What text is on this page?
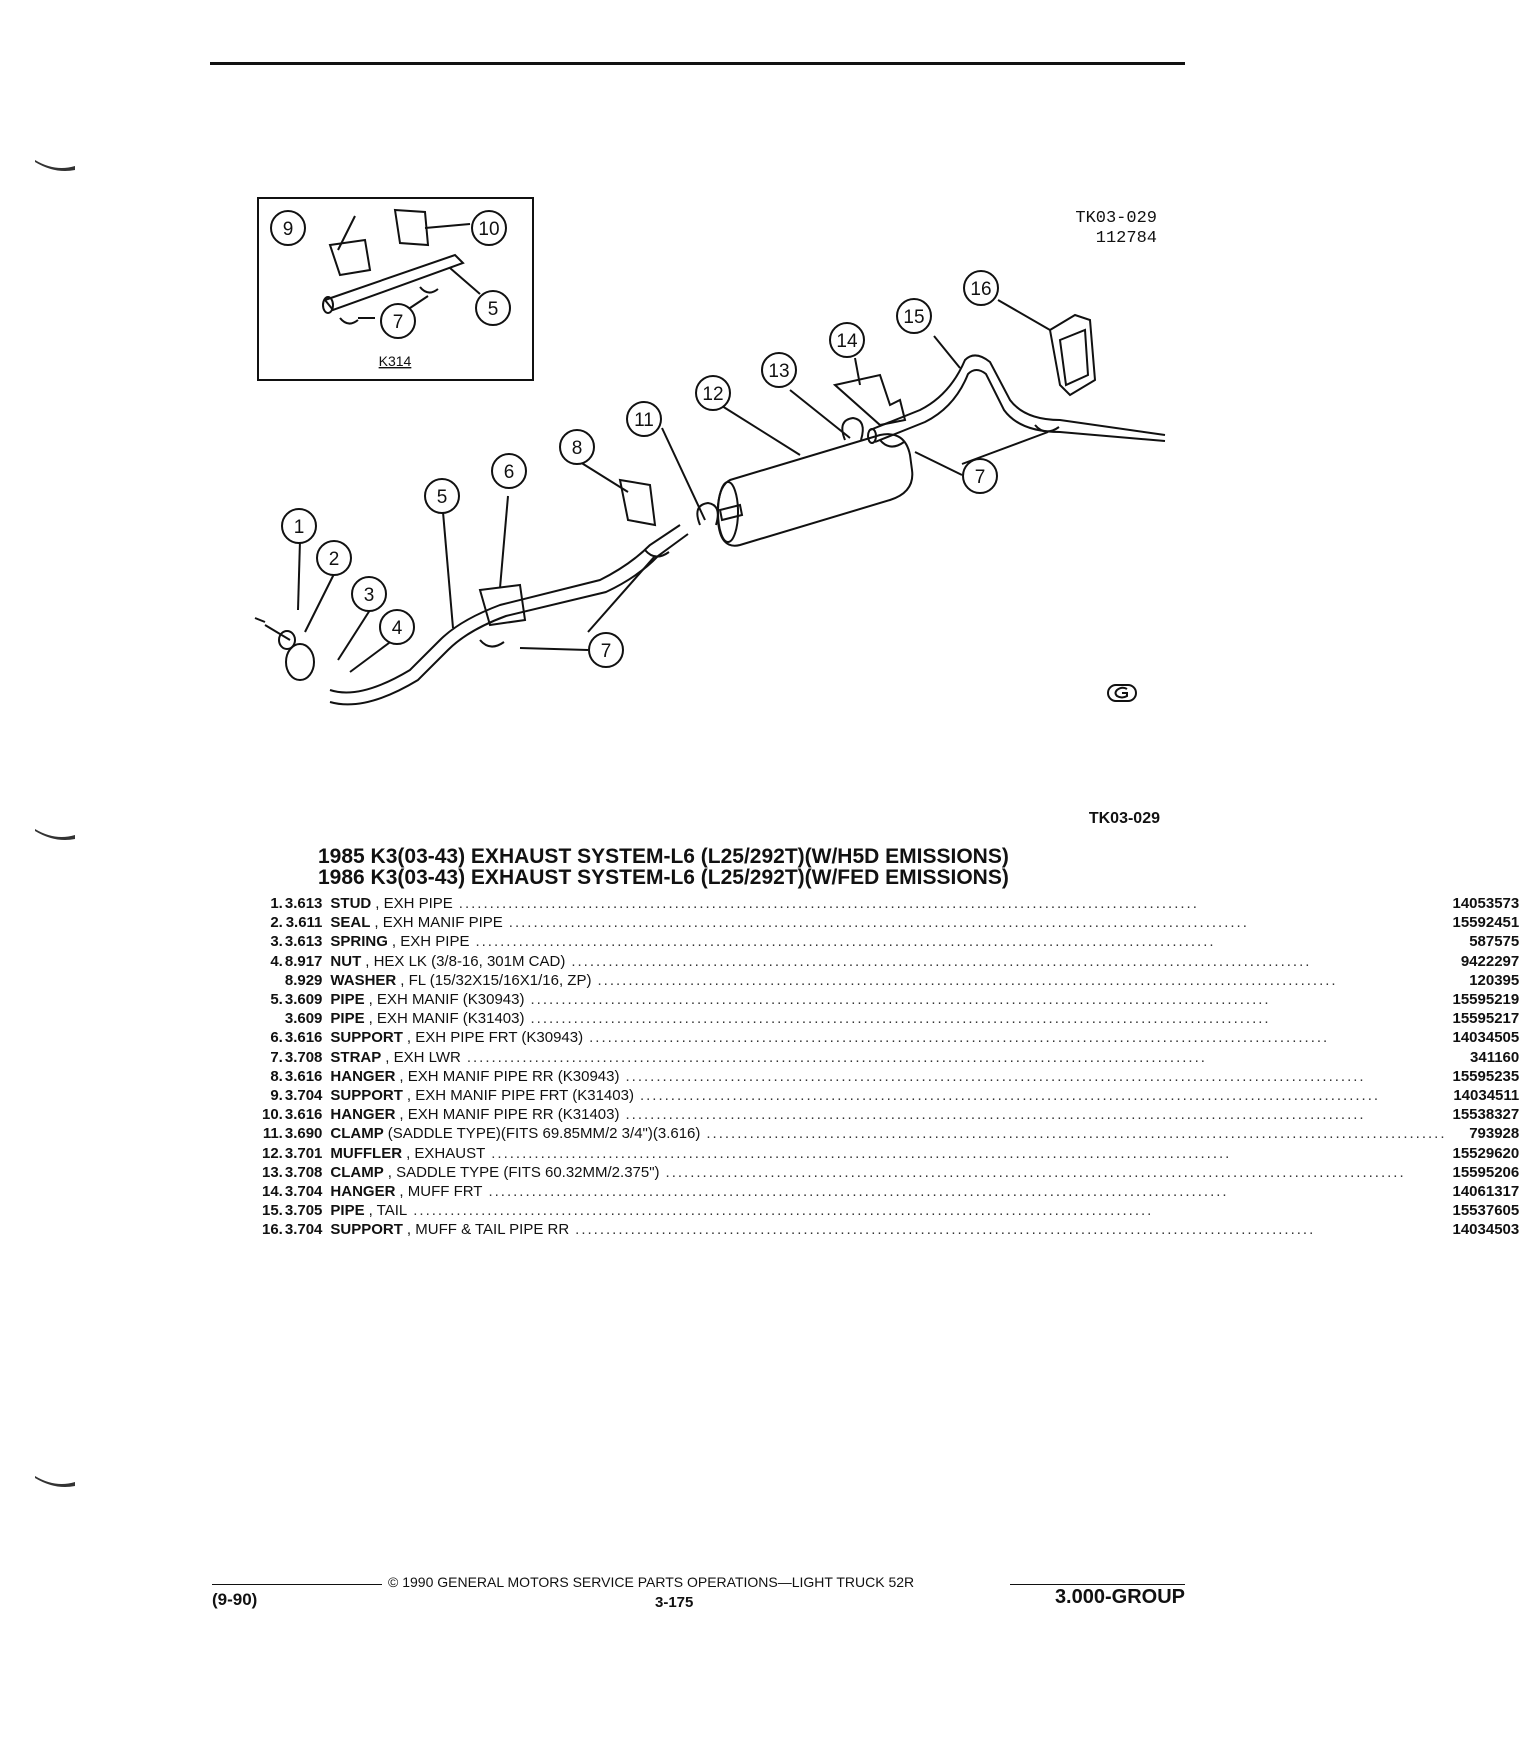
1
2
3
4
5
6
8
11
12
13
14
15
16
7
7
9	10
5
7
K314
TK03-029
112784
TK03-029
1985 K3(03-43) EXHAUST SYSTEM-L6 (L25/292T)(W/H5D EMISSIONS)
1986 K3(03-43) EXHAUST SYSTEM-L6 (L25/292T)(W/FED EMISSIONS)
1.	3.613	STUD , EXH PIPE ........................................................................................................................	14053573
2.	3.611	SEAL , EXH MANIF PIPE ........................................................................................................................	15592451
3.	3.613	SPRING , EXH PIPE ........................................................................................................................	587575
4.	8.917	NUT , HEX LK (3/8-16, 301M CAD) ........................................................................................................................	9422297
	8.929	WASHER , FL (15/32X15/16X1/16, ZP) ........................................................................................................................	120395
5.	3.609	PIPE , EXH MANIF (K30943) ........................................................................................................................	15595219
	3.609	PIPE , EXH MANIF (K31403) ........................................................................................................................	15595217
6.	3.616	SUPPORT , EXH PIPE FRT (K30943) ........................................................................................................................	14034505
7.	3.708	STRAP , EXH LWR ........................................................................................................................	341160
8.	3.616	HANGER , EXH MANIF PIPE RR (K30943) ........................................................................................................................	15595235
9.	3.704	SUPPORT , EXH MANIF PIPE FRT (K31403) ........................................................................................................................	14034511
10.	3.616	HANGER , EXH MANIF PIPE RR (K31403) ........................................................................................................................	15538327
11.	3.690	CLAMP (SADDLE TYPE)(FITS 69.85MM/2 3/4")(3.616) ........................................................................................................................	793928
12.	3.701	MUFFLER , EXHAUST ........................................................................................................................	15529620
13.	3.708	CLAMP , SADDLE TYPE (FITS 60.32MM/2.375") ........................................................................................................................	15595206
14.	3.704	HANGER , MUFF FRT ........................................................................................................................	14061317
15.	3.705	PIPE , TAIL ........................................................................................................................	15537605
16.	3.704	SUPPORT , MUFF & TAIL PIPE RR ........................................................................................................................	14034503
© 1990 GENERAL MOTORS SERVICE PARTS OPERATIONS—LIGHT TRUCK 52R
(9-90)	3-175	3.000-GROUP
